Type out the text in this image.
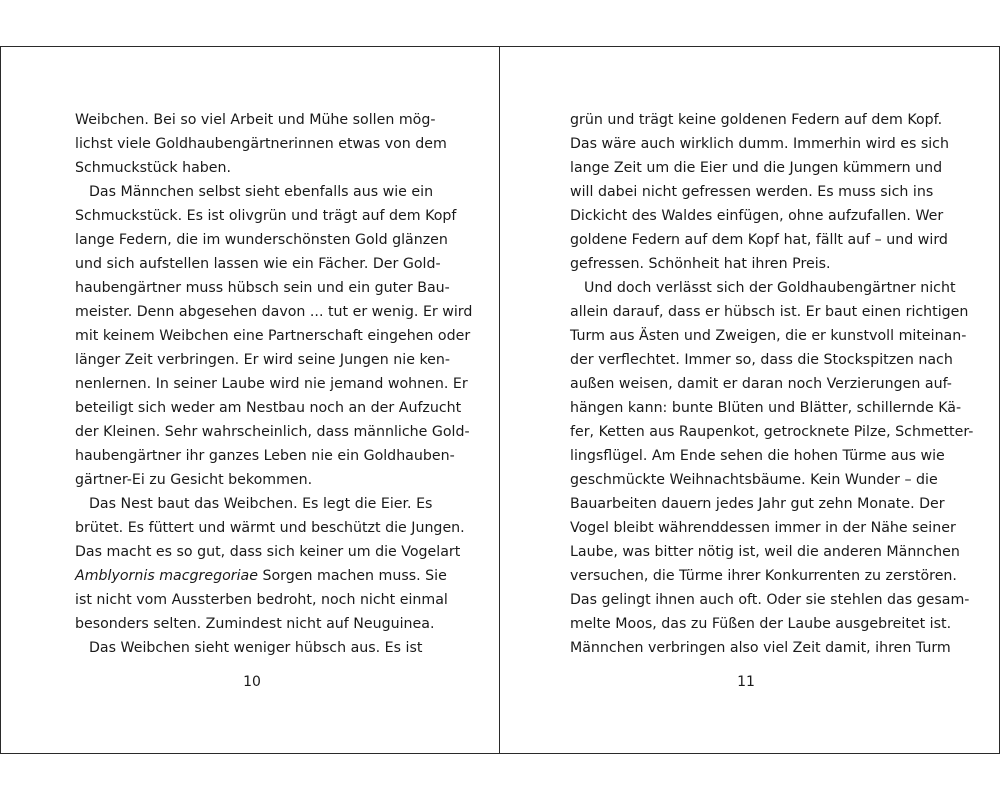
Weibchen. Bei so viel Arbeit und Mühe sollen mög-
lichst viele Goldhaubengärtnerinnen etwas von dem
Schmuckstück haben.
Das Männchen selbst sieht ebenfalls aus wie ein
Schmuckstück. Es ist olivgrün und trägt auf dem Kopf
lange Federn, die im wunderschönsten Gold glänzen
und sich aufstellen lassen wie ein Fächer. Der Gold-
haubengärtner muss hübsch sein und ein guter Bau-
meister. Denn abgesehen davon ... tut er wenig. Er wird
mit keinem Weibchen eine Partnerschaft eingehen oder
länger Zeit verbringen. Er wird seine Jungen nie ken-
nenlernen. In seiner Laube wird nie jemand wohnen. Er
beteiligt sich weder am Nestbau noch an der Aufzucht
der Kleinen. Sehr wahrscheinlich, dass männliche Gold-
haubengärtner ihr ganzes Leben nie ein Goldhauben-
gärtner-Ei zu Gesicht bekommen.
Das Nest baut das Weibchen. Es legt die Eier. Es
brütet. Es füttert und wärmt und beschützt die Jungen.
Das macht es so gut, dass sich keiner um die Vogelart
Amblyornis macgregoriae Sorgen machen muss. Sie
ist nicht vom Aussterben bedroht, noch nicht einmal
besonders selten. Zumindest nicht auf Neuguinea.
Das Weibchen sieht weniger hübsch aus. Es ist
10
grün und trägt keine goldenen Federn auf dem Kopf.
Das wäre auch wirklich dumm. Immerhin wird es sich
lange Zeit um die Eier und die Jungen kümmern und
will dabei nicht gefressen werden. Es muss sich ins
Dickicht des Waldes einfügen, ohne aufzufallen. Wer
goldene Federn auf dem Kopf hat, fällt auf – und wird
gefressen. Schönheit hat ihren Preis.
Und doch verlässt sich der Goldhaubengärtner nicht
allein darauf, dass er hübsch ist. Er baut einen richtigen
Turm aus Ästen und Zweigen, die er kunstvoll miteinan-
der verflechtet. Immer so, dass die Stockspitzen nach
außen weisen, damit er daran noch Verzierungen auf-
hängen kann: bunte Blüten und Blätter, schillernde Kä-
fer, Ketten aus Raupenkot, getrocknete Pilze, Schmetter-
lingsflügel. Am Ende sehen die hohen Türme aus wie
geschmückte Weihnachtsbäume. Kein Wunder – die
Bauarbeiten dauern jedes Jahr gut zehn Monate. Der
Vogel bleibt währenddessen immer in der Nähe seiner
Laube, was bitter nötig ist, weil die anderen Männchen
versuchen, die Türme ihrer Konkurrenten zu zerstören.
Das gelingt ihnen auch oft. Oder sie stehlen das gesam-
melte Moos, das zu Füßen der Laube ausgebreitet ist.
Männchen verbringen also viel Zeit damit, ihren Turm
11
